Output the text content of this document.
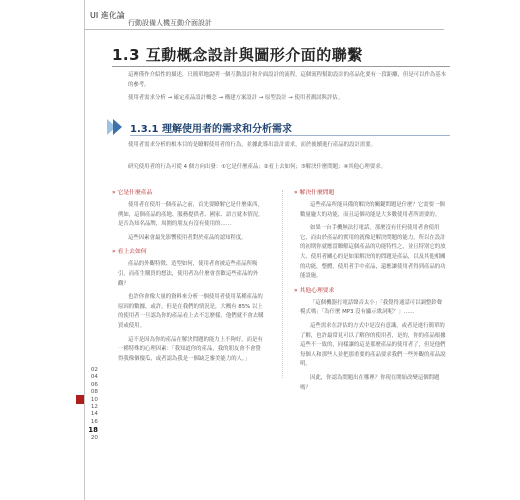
UI 進化論
行動設備人機互動介面設計
1.3 互動概念設計與圖形介面的聯繫
這裡僅作介紹性的描述，只簡單地說明一個互動設計和介面設計的流程，這個流程幫助設計的產品化要有一段距離，但是可以作為基本的參考。
使用者需求分析 → 確定產品設計概念 → 構建方案設計 → 原型設計 → 使用者測試與評估。
1.3.1 理解使用者的需求和分析需求
使用者需求分析的根本目的是瞭解使用者的行為，並據此導出設計需求，而於後續進行產品的設計需要。
研究使用者的行為可從 4 個方向出發：①它是什麼產品；②看上去如何；③解決什麼問題；④其他心理要求。
» 它是什麼產品
使用者在使用一個產品之前，首先要瞭解它是什麼東西，例如，這個產品的產地、服務提供者、國家、語言就本情況，是否為知名品牌，周圍的朋友有沒有使用的……
這些因素會最先影響使用者對於產品的認知程度。
» 看上去如何
產品的外觀特徵、造型如何，使用者會被這些產品所吸引，而產生購買的想法，使用者為什麼會喜歡這些產品的外觀？
也許你會像大量的資料來分析一個使用者使用某種產品的原因的數據，或許，但是在我們的情況是，大概有 85% 以上的使用者一旦認為你的產品看上去不怎麼樣，他們就不會去購買或使用。
這不是因為你的產品在解決問題的能力上不夠好，而是有一種特殊的心理因素：「我知道你的產品，我的朋友會不會覺得我像個傻瓜，或者認為我是一個缺乏審美能力的人。」
» 解決什麼問題
這些產品所能具備的解決的關鍵問題是什麼？它需要一個數量龐大的功能，而且這個功能是大多數使用者所需要的。
如果一台手機無法打電話，那麼沒有任何使用者會使用它，而由於產品的實用的就像是解決問題的能力，所以在設計的初期你就應當瞭解這個產品的功能特性之，並且特別它的放大、使用者關心的是如果解決的的問題是產品，以及其他相關的功能，整體，使用者手中產品，還應讓使用者得到產品的功能設施。
» 其他心理要求
「這個機器打電話聲音太小」「我覺得通話可以調整鈴聲模式嗎」「為什麼 MP3 沒有顯示歌詞呢？」……
這些需求在評估的方式中是沒有意識，或者是進行簡單的了解，也許最常見可以了解你的使用者，是的，你的產品根據這些不一致的，同樣讓的這是那麼產品的使用者了，但是他們每個人和那些人並把那重要的產品要求我們一些外觀的產品說明。
因此，你認為問題出在哪裡？你現在開始改變這個問題嗎？
02
04
06
08
10
12
14
16
18
20
